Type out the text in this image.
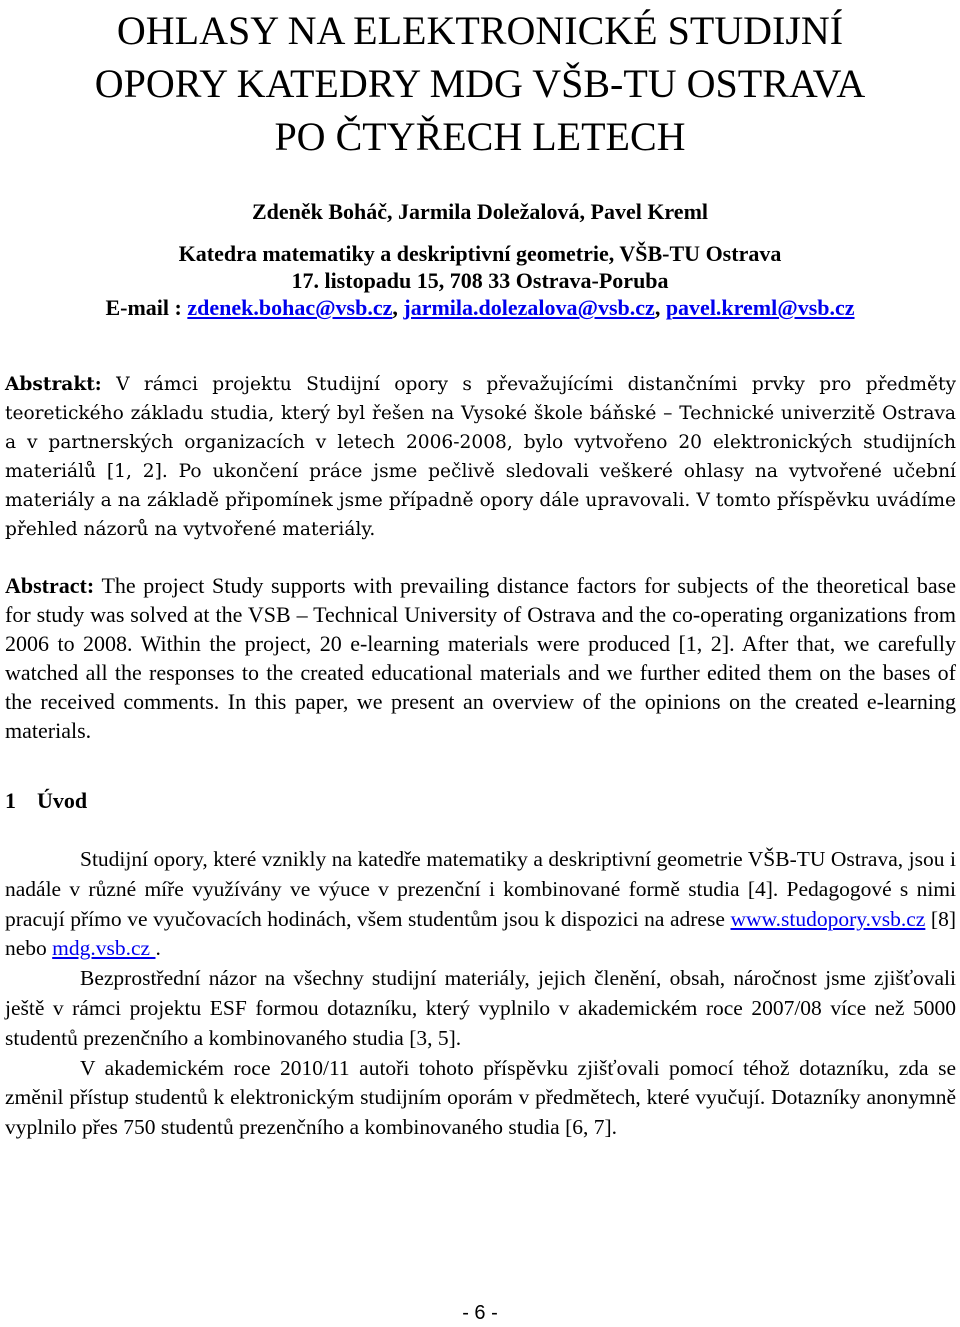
OHLASY NA ELEKTRONICKÉ STUDIJNÍ
OPORY KATEDRY MDG VŠB-TU OSTRAVA
PO ČTYŘECH LETECH
Zdeněk Boháč, Jarmila Doležalová, Pavel Kreml
Katedra matematiky a deskriptivní geometrie, VŠB-TU Ostrava
17. listopadu 15, 708 33 Ostrava-Poruba
E-mail : zdenek.bohac@vsb.cz, jarmila.dolezalova@vsb.cz, pavel.kreml@vsb.cz
Abstrakt: V rámci projektu Studijní opory s převažujícími distančními prvky pro předměty teoretického základu studia, který byl řešen na Vysoké škole báňské – Technické univerzitě Ostrava a v partnerských organizacích v letech 2006-2008, bylo vytvořeno 20 elektronických studijních materiálů [1, 2]. Po ukončení práce jsme pečlivě sledovali veškeré ohlasy na vytvořené učební materiály a na základě připomínek jsme případně opory dále upravovali. V tomto příspěvku uvádíme přehled názorů na vytvořené materiály.
Abstract: The project Study supports with prevailing distance factors for subjects of the theoretical base for study was solved at the VSB – Technical University of Ostrava and the co-operating organizations from 2006 to 2008. Within the project, 20 e-learning materials were produced [1, 2]. After that, we carefully watched all the responses to the created educational materials and we further edited them on the bases of the received comments. In this paper, we present an overview of the opinions on the created e-learning materials.
1 Úvod

Studijní opory, které vznikly na katedře matematiky a deskriptivní geometrie VŠB-TU Ostrava, jsou i nadále v různé míře využívány ve výuce v prezenční i kombinované formě studia [4]. Pedagogové s nimi pracují přímo ve vyučovacích hodinách, všem studentům jsou k dispozici na adrese www.studopory.vsb.cz [8] nebo mdg.vsb.cz .

Bezprostřední názor na všechny studijní materiály, jejich členění, obsah, náročnost jsme zjišťovali ještě v rámci projektu ESF formou dotazníku, který vyplnilo v akademickém roce 2007/08 více než 5000 studentů prezenčního a kombinovaného studia [3, 5].

V akademickém roce 2010/11 autoři tohoto příspěvku zjišťovali pomocí téhož dotazníku, zda se změnil přístup studentů k elektronickým studijním oporám v předmětech, které vyučují. Dotazníky anonymně vyplnilo přes 750 studentů prezenčního a kombinovaného studia [6, 7].

- 6 -
